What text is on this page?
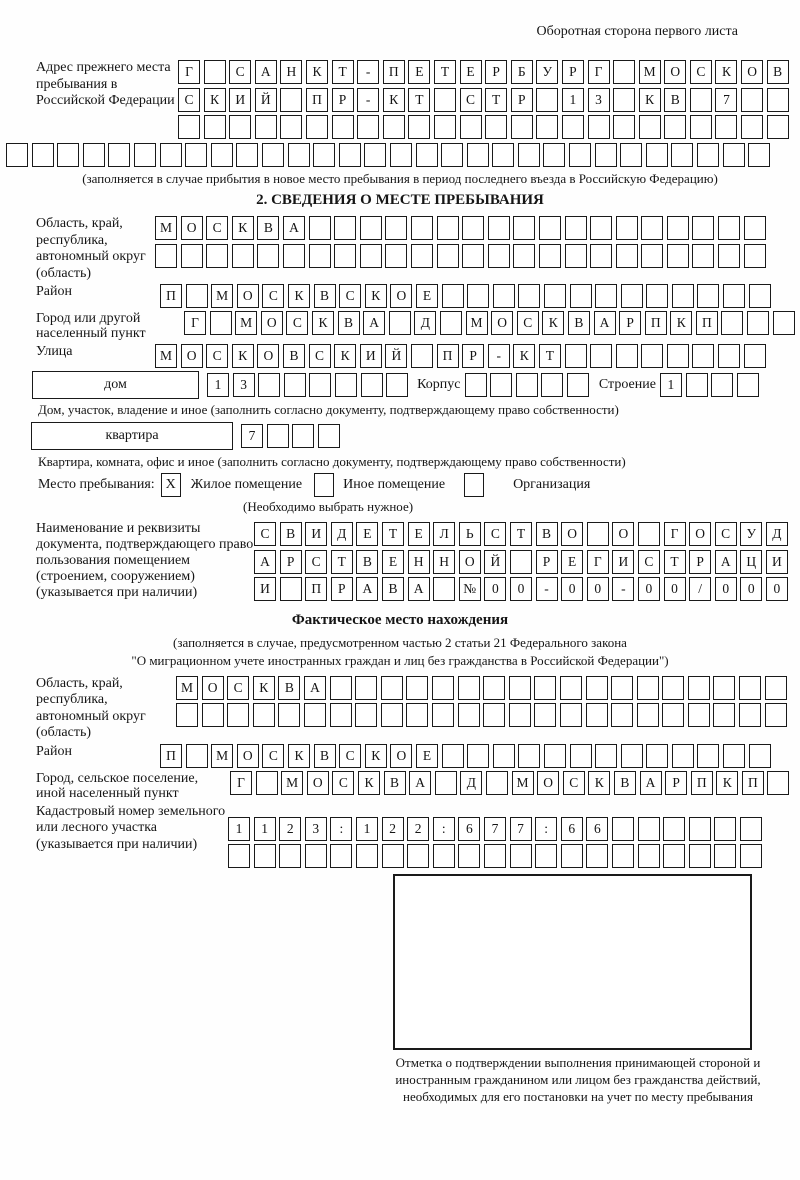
Оборотная сторона первого листа
Адрес прежнего места пребывания в Российской Федерации
Г	С	А	Н	К	Т	-	П	Е	Т	Е	Р	Б	У	Р	Г	М	О	С	К	О	В
С	К	И	Й	П	Р	-	К	Т	С	Т	Р	1	3	К	В	7
(заполняется в случае прибытия в новое место пребывания в период последнего въезда в Российскую Федерацию)
2. СВЕДЕНИЯ О МЕСТЕ ПРЕБЫВАНИЯ
Область, край, республика, автономный округ (область)
М	О	С	К	В	А
Район	П	М	О	С	К	В	С	К	О	Е
Город или другой населенный пункт
Г	М	О	С	К	В	А	Д	М	О	С	К	В	А	Р	П	К	П
Улица	М	О	С	К	О	В	С	К	И	Й	П	Р	-	К	Т
дом	1	3	Корпус	Строение 1
Дом, участок, владение и иное (заполнить согласно документу, подтверждающему право собственности)
квартира	7
Квартира, комната, офис и иное (заполнить согласно документу, подтверждающему право собственности)
Место пребывания: X	Жилое помещение	Иное помещение	Организация
(Необходимо выбрать нужное)
Наименование и реквизиты документа, подтверждающего право пользования помещением (строением, сооружением) (указывается при наличии)
С	В	И	Д	Е	Т	Е	Л	Ь	С	Т	В	О	О	Г	О	С	У	Д
А	Р	С	Т	В	Е	Н	Н	О	Й	Р	Е	Г	И	С	Т	Р	А	Ц	И
И	П	Р	А	В	А	№	0	0	-	0	0	-	0	0	/	0	0	0
Фактическое место нахождения
(заполняется в случае, предусмотренном частью 2 статьи 21 Федерального закона
"О миграционном учете иностранных граждан и лиц без гражданства в Российской Федерации")
Область, край, республика, автономный округ (область)
М	О	С	К	В	А
Район	П	М	О	С	К	В	С	К	О	Е
Город, сельское поселение, иной населенный пункт
Г	М	О	С	К	В	А	Д	М	О	С	К	В	А	Р	П	К	П
Кадастровый номер земельного или лесного участка (указывается при наличии)
1	1	2	3	:	1	2	2	:	6	7	7	:	6	6
Отметка о подтверждении выполнения принимающей стороной и иностранным гражданином или лицом без гражданства действий, необходимых для его постановки на учет по месту пребывания
